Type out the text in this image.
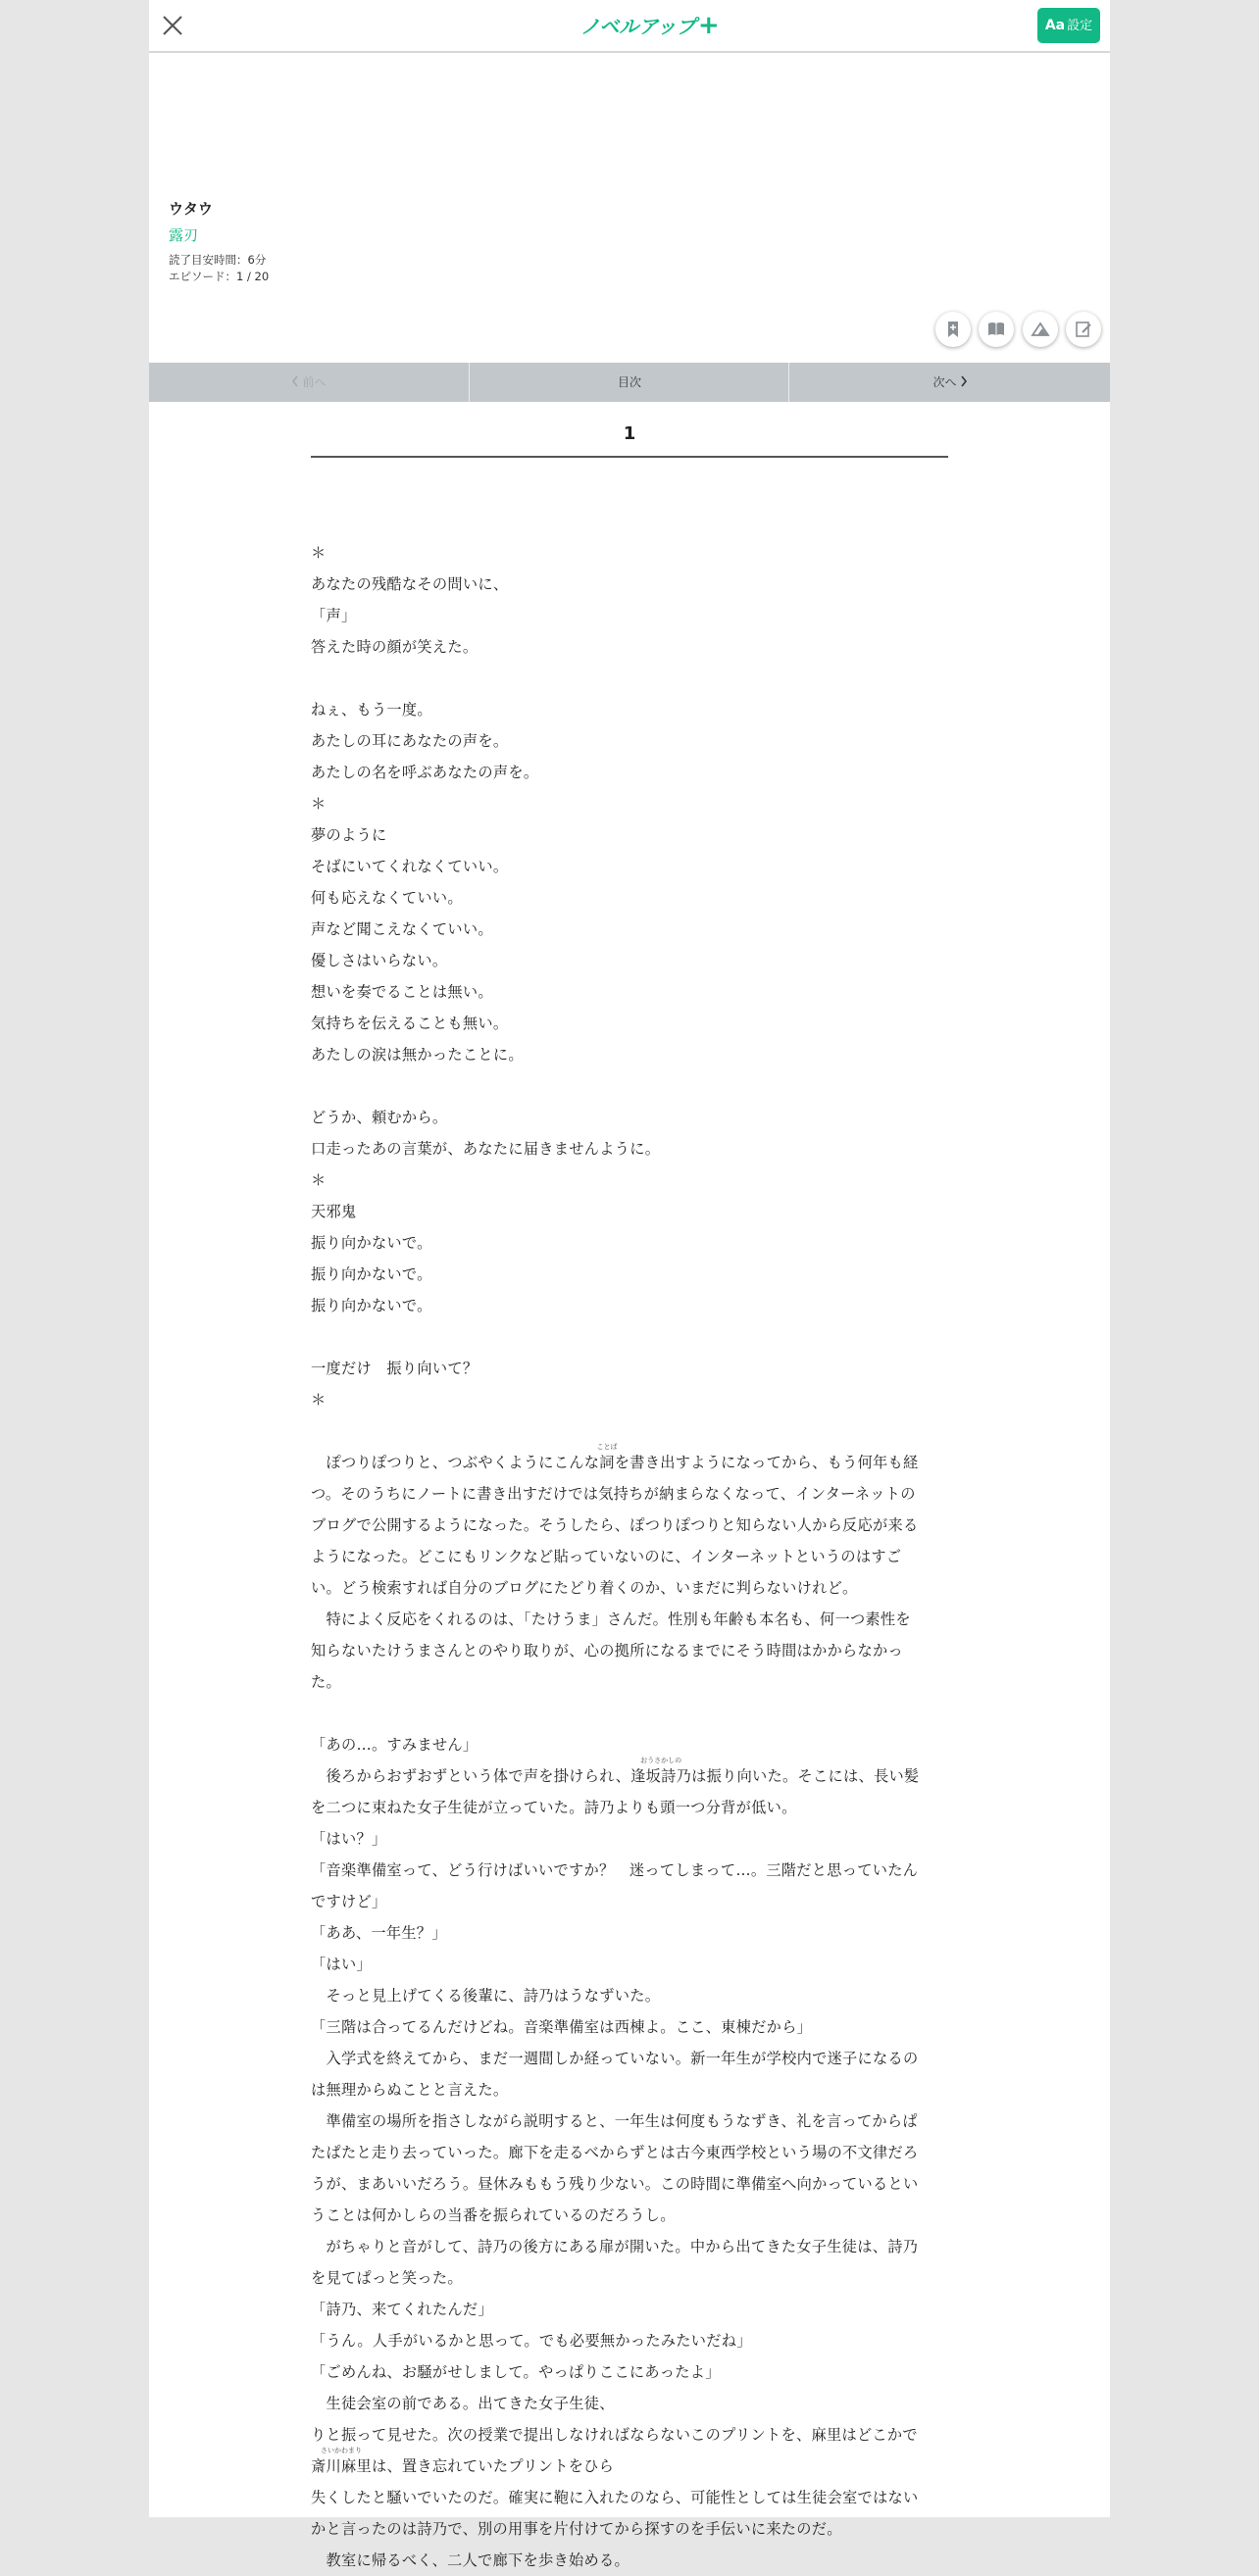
ノベルアップ+	Aa 設定
ウタウ
露刃
読了目安時間：6分
エピソード：1 / 20
前へ	目次	次へ
1

＊
あなたの残酷なその問いに、
「声」
答えた時の顔が笑えた。

ねぇ、もう一度。
あたしの耳にあなたの声を。
あたしの名を呼ぶあなたの声を。
＊
夢のように
そばにいてくれなくていい。
何も応えなくていい。
声など聞こえなくていい。
優しさはいらない。
想いを奏でることは無い。
気持ちを伝えることも無い。
あたしの涙は無かったことに。

どうか、頼むから。
口走ったあの言葉が、あなたに届きませんように。
＊
天邪鬼
振り向かないで。
振り向かないで。
振り向かないで。

一度だけ　振り向いて？
＊

　ぽつりぽつりと、つぶやくようにこんな詞
ことば
を書き出すようになってから、もう何年も経
つ。そのうちにノートに書き出すだけでは気持ちが納まらなくなって、インターネットの
ブログで公開するようになった。そうしたら、ぽつりぽつりと知らない人から反応が来る
ようになった。どこにもリンクなど貼っていないのに、インターネットというのはすご
い。どう検索すれば自分のブログにたどり着くのか、いまだに判らないけれど。
　特によく反応をくれるのは、「たけうま」さんだ。性別も年齢も本名も、何一つ素性を
知らないたけうまさんとのやり取りが、心の拠所になるまでにそう時間はかからなかっ
た。

「あの…。すみません」
　後ろからおずおずという体で声を掛けられ、逢坂詩乃
おうさかしの
は振り向いた。そこには、長い髪
を二つに束ねた女子生徒が立っていた。詩乃よりも頭一つ分背が低い。
「はい？」
「音楽準備室って、どう行けばいいですか？　迷ってしまって…。三階だと思っていたん
ですけど」
「ああ、一年生？」
「はい」
　そっと見上げてくる後輩に、詩乃はうなずいた。
「三階は合ってるんだけどね。音楽準備室は西棟よ。ここ、東棟だから」
　入学式を終えてから、まだ一週間しか経っていない。新一年生が学校内で迷子になるの
は無理からぬことと言えた。
　準備室の場所を指さしながら説明すると、一年生は何度もうなずき、礼を言ってからぱ
たぱたと走り去っていった。廊下を走るべからずとは古今東西学校という場の不文律だろ
うが、まあいいだろう。昼休みももう残り少ない。この時間に準備室へ向かっているとい
うことは何かしらの当番を振られているのだろうし。
　がちゃりと音がして、詩乃の後方にある扉が開いた。中から出てきた女子生徒は、詩乃
を見てぱっと笑った。
「詩乃、来てくれたんだ」
「うん。人手がいるかと思って。でも必要無かったみたいだね」
「ごめんね、お騒がせしまして。やっぱりここにあったよ」
　生徒会室の前である。出てきた女子生徒、
りと振って見せた。次の授業で提出しなければならないこのプリントを、麻里はどこかで斎川麻里
さいかわまり
は、置き忘れていたプリントをひら
失くしたと騒いでいたのだ。確実に鞄に入れたのなら、可能性としては生徒会室ではない
かと言ったのは詩乃で、別の用事を片付けてから探すのを手伝いに来たのだ。
　教室に帰るべく、二人で廊下を歩き始める。
